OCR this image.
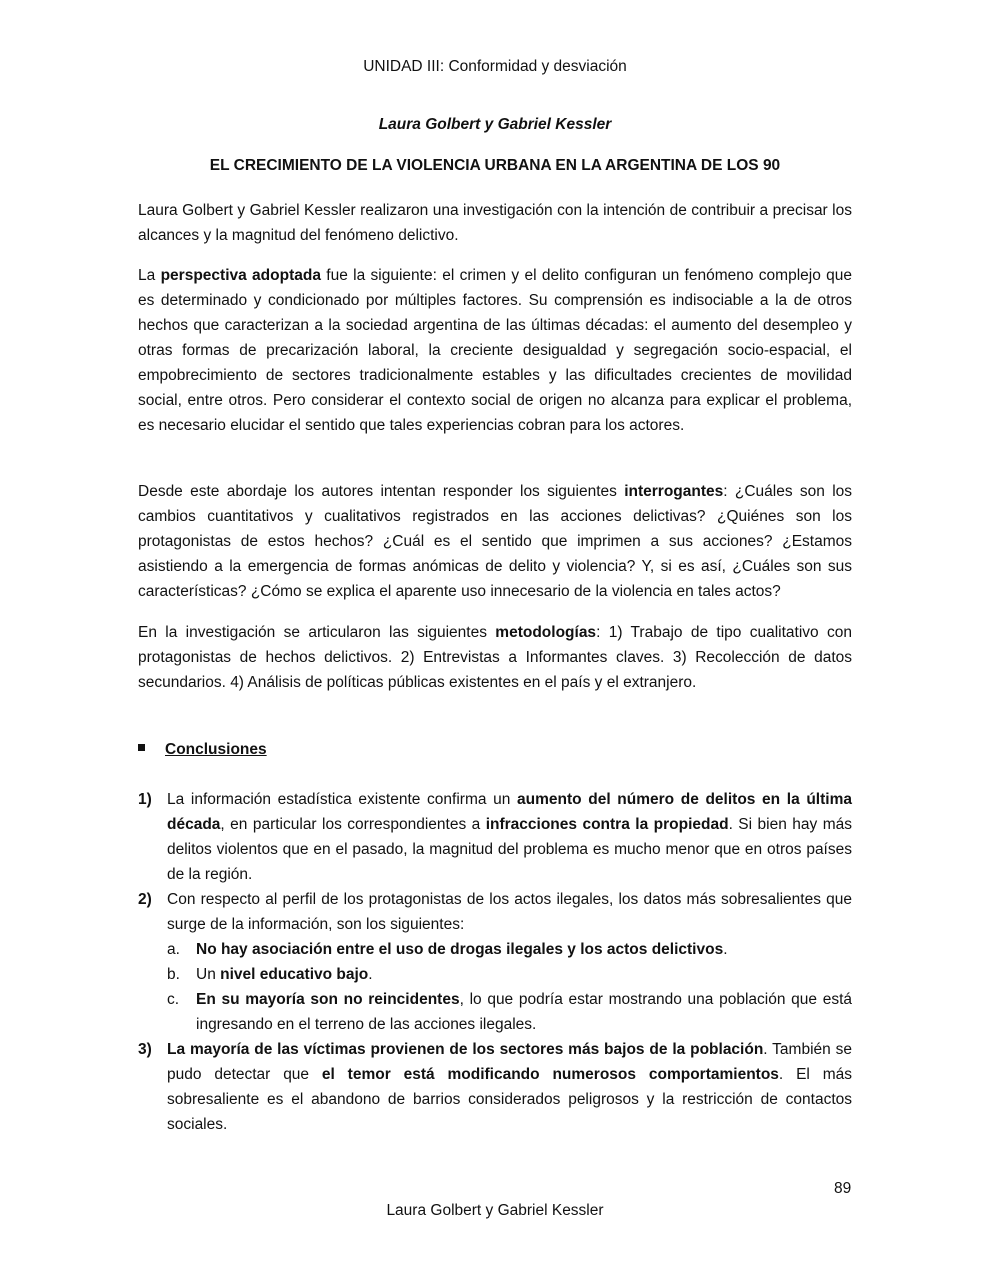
UNIDAD III: Conformidad y desviación
Laura Golbert y Gabriel Kessler
EL CRECIMIENTO DE LA VIOLENCIA URBANA EN LA ARGENTINA DE LOS 90

Laura Golbert y Gabriel Kessler realizaron una investigación con la intención de contribuir a precisar los alcances y la magnitud del fenómeno delictivo.

La perspectiva adoptada fue la siguiente: el crimen y el delito configuran un fenómeno complejo que es determinado y condicionado por múltiples factores. Su comprensión es indisociable a la de otros hechos que caracterizan a la sociedad argentina de las últimas décadas: el aumento del desempleo y otras formas de precarización laboral, la creciente desigualdad y segregación socio-espacial, el empobrecimiento de sectores tradicionalmente estables y las dificultades crecientes de movilidad social, entre otros. Pero considerar el contexto social de origen no alcanza para explicar el problema, es necesario elucidar el sentido que tales experiencias cobran para los actores.

Desde este abordaje los autores intentan responder los siguientes interrogantes: ¿Cuáles son los cambios cuantitativos y cualitativos registrados en las acciones delictivas? ¿Quiénes son los protagonistas de estos hechos? ¿Cuál es el sentido que imprimen a sus acciones? ¿Estamos asistiendo a la emergencia de formas anómicas de delito y violencia? Y, si es así, ¿Cuáles son sus características? ¿Cómo se explica el aparente uso innecesario de la violencia en tales actos?

En la investigación se articularon las siguientes metodologías: 1) Trabajo de tipo cualitativo con protagonistas de hechos delictivos. 2) Entrevistas a Informantes claves. 3) Recolección de datos secundarios. 4) Análisis de políticas públicas existentes en el país y el extranjero.

Conclusiones
1) La información estadística existente confirma un aumento del número de delitos en la última década, en particular los correspondientes a infracciones contra la propiedad. Si bien hay más delitos violentos que en el pasado, la magnitud del problema es mucho menor que en otros países de la región.
2) Con respecto al perfil de los protagonistas de los actos ilegales, los datos más sobresalientes que surge de la información, son los siguientes:
a. No hay asociación entre el uso de drogas ilegales y los actos delictivos.
b. Un nivel educativo bajo.
c. En su mayoría son no reincidentes, lo que podría estar mostrando una población que está ingresando en el terreno de las acciones ilegales.
3) La mayoría de las víctimas provienen de los sectores más bajos de la población. También se pudo detectar que el temor está modificando numerosos comportamientos. El más sobresaliente es el abandono de barrios considerados peligrosos y la restricción de contactos sociales.
89
Laura Golbert y Gabriel Kessler
